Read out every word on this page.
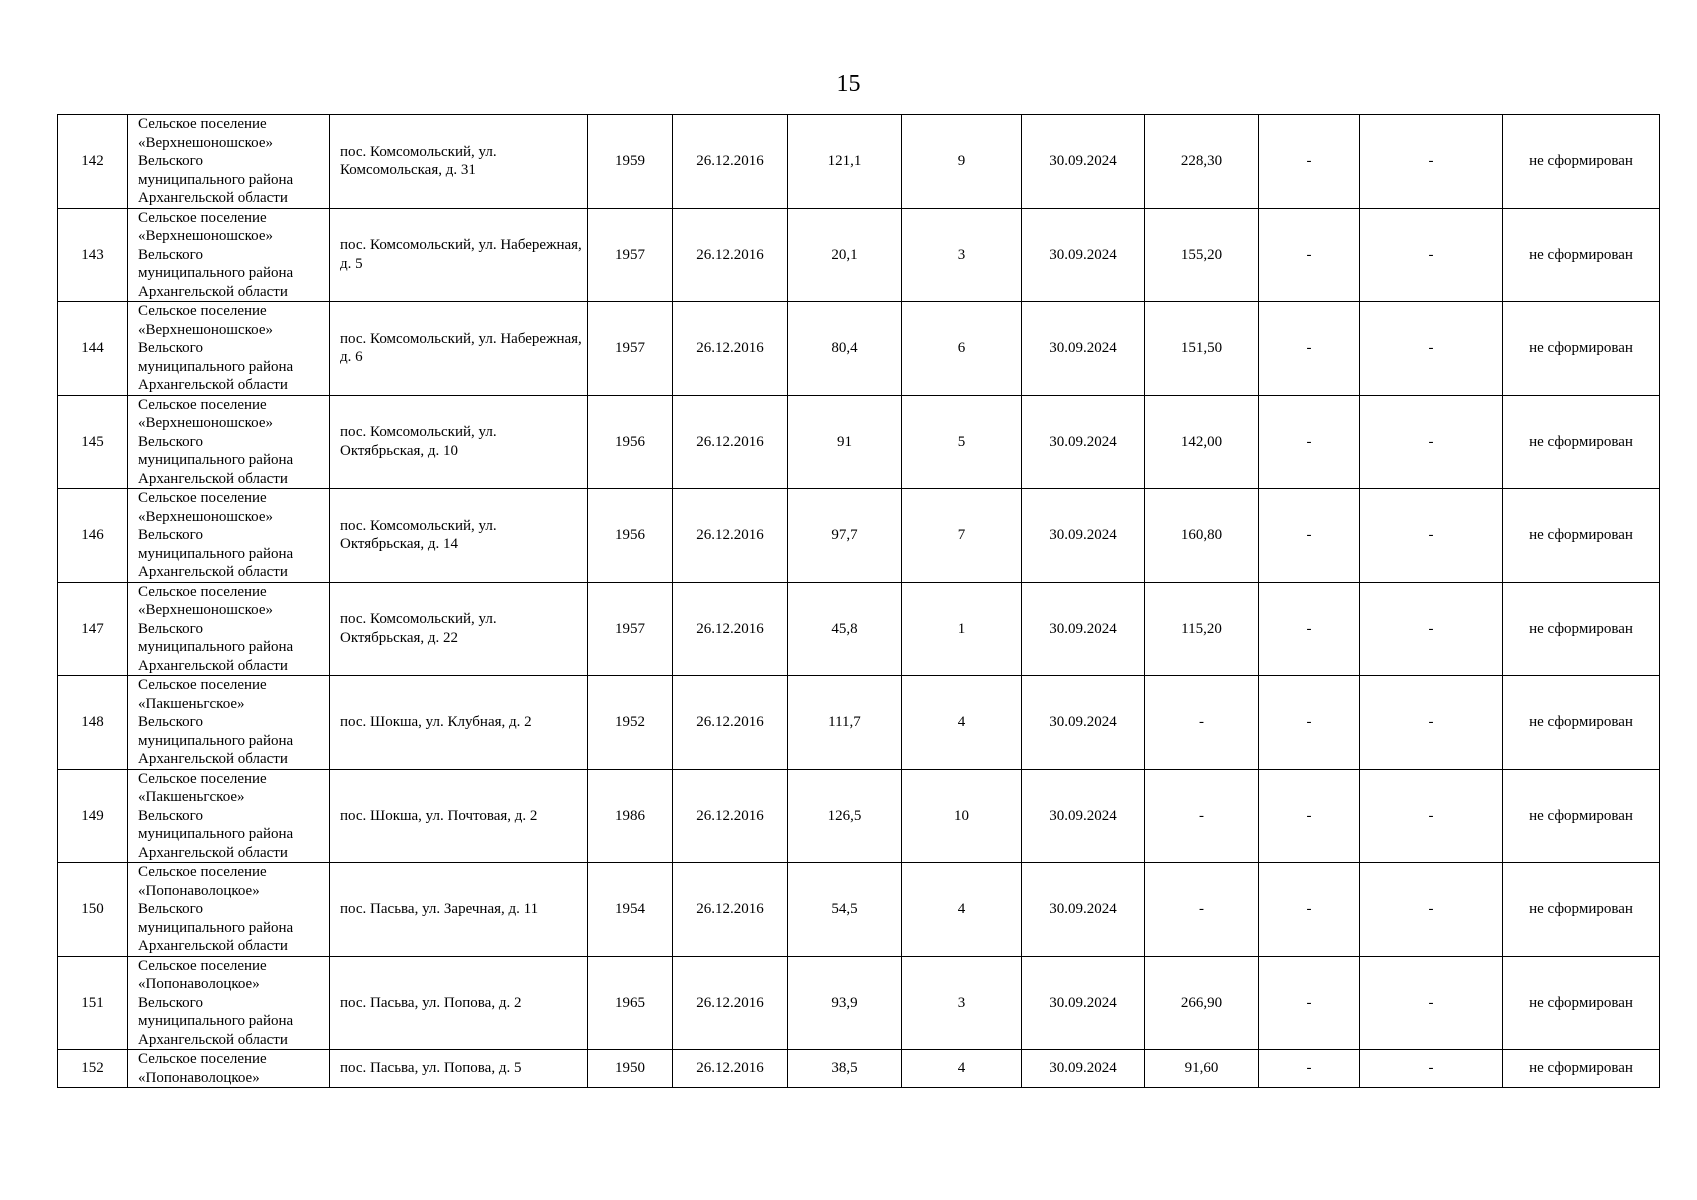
15
142	Сельское поселение
«Верхнешоношское»
Вельского
муниципального района
Архангельской области	пос. Комсомольский, ул. Комсомольская, д. 31	1959	26.12.2016	121,1	9	30.09.2024	228,30	-	-	не сформирован
143	Сельское поселение
«Верхнешоношское»
Вельского
муниципального района
Архангельской области	пос. Комсомольский, ул. Набережная, д. 5	1957	26.12.2016	20,1	3	30.09.2024	155,20	-	-	не сформирован
144	Сельское поселение
«Верхнешоношское»
Вельского
муниципального района
Архангельской области	пос. Комсомольский, ул. Набережная, д. 6	1957	26.12.2016	80,4	6	30.09.2024	151,50	-	-	не сформирован
145	Сельское поселение
«Верхнешоношское»
Вельского
муниципального района
Архангельской области	пос. Комсомольский, ул. Октябрьская, д. 10	1956	26.12.2016	91	5	30.09.2024	142,00	-	-	не сформирован
146	Сельское поселение
«Верхнешоношское»
Вельского
муниципального района
Архангельской области	пос. Комсомольский, ул. Октябрьская, д. 14	1956	26.12.2016	97,7	7	30.09.2024	160,80	-	-	не сформирован
147	Сельское поселение
«Верхнешоношское»
Вельского
муниципального района
Архангельской области	пос. Комсомольский, ул. Октябрьская, д. 22	1957	26.12.2016	45,8	1	30.09.2024	115,20	-	-	не сформирован
148	Сельское поселение
«Пакшеньгское»
Вельского
муниципального района
Архангельской области	пос. Шокша, ул. Клубная, д. 2	1952	26.12.2016	111,7	4	30.09.2024	-	-	-	не сформирован
149	Сельское поселение
«Пакшеньгское»
Вельского
муниципального района
Архангельской области	пос. Шокша, ул. Почтовая, д. 2	1986	26.12.2016	126,5	10	30.09.2024	-	-	-	не сформирован
150	Сельское поселение
«Попонаволоцкое»
Вельского
муниципального района
Архангельской области	пос. Пасьва, ул. Заречная, д. 11	1954	26.12.2016	54,5	4	30.09.2024	-	-	-	не сформирован
151	Сельское поселение
«Попонаволоцкое»
Вельского
муниципального района
Архангельской области	пос. Пасьва, ул. Попова, д. 2	1965	26.12.2016	93,9	3	30.09.2024	266,90	-	-	не сформирован
152	Сельское поселение
«Попонаволоцкое»	пос. Пасьва, ул. Попова, д. 5	1950	26.12.2016	38,5	4	30.09.2024	91,60	-	-	не сформирован
